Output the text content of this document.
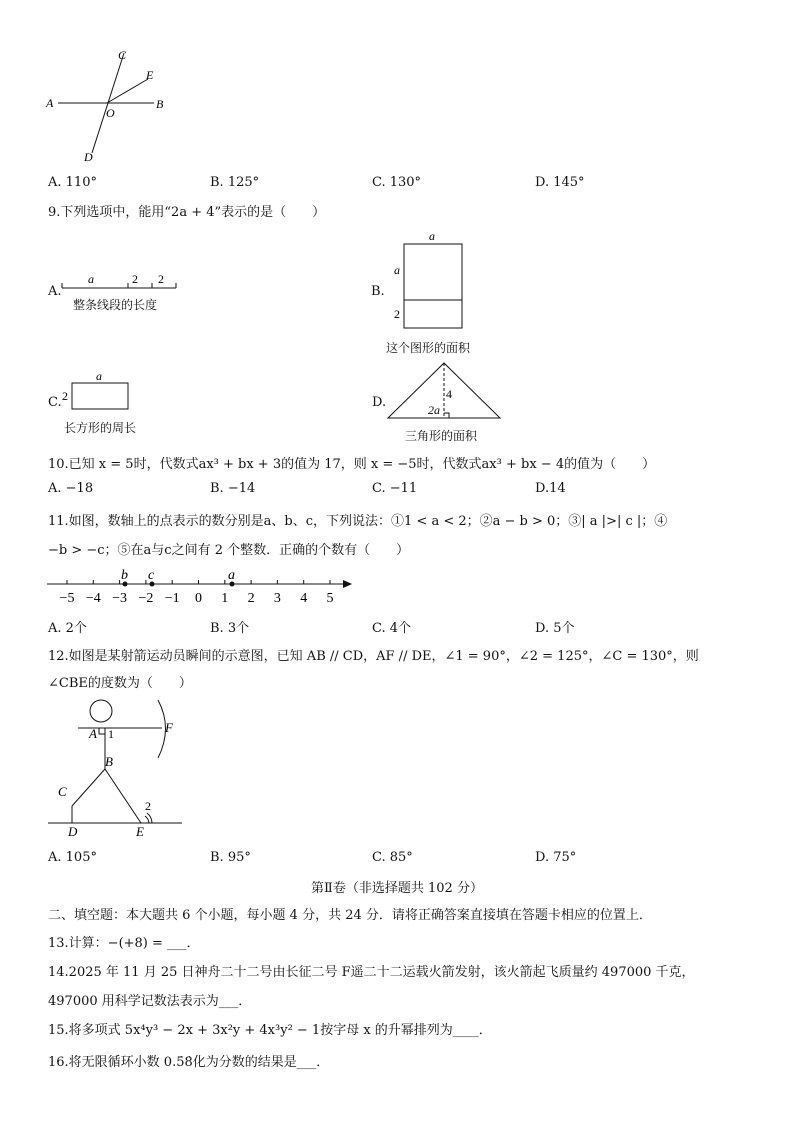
A	B
C
D
E
O
A. 110°	B. 125°	C. 130°	D. 145°
9.下列选项中，能用“2a + 4”表示的是（　　）
A.
a	2 2
整条线段的长度
B.
a
a
2
这个图形的面积
C.
a
2
长方形的周长
D.
4
2a
三角形的面积
10.已知 x = 5时，代数式ax³ + bx + 3的值为 17，则 x = −5时，代数式ax³ + bx − 4的值为（　　）
A. −18	B. −14	C. −11	D.14
11.如图，数轴上的点表示的数分别是a、b、c，下列说法：①1 < a < 2；②a − b > 0；③| a |>| c |；④
−b > −c；⑤在a与c之间有 2 个整数．正确的个数有（　　）
−5 −4 −3 −2 −1 0 1 2 3 4 5
b c	a
A. 2个	B. 3个	C. 4个	D. 5个
12.如图是某射箭运动员瞬间的示意图，已知 AB // CD，AF // DE，∠1 = 90°，∠2 = 125°，∠C = 130°，则
∠CBE的度数为（　　）
A 1
B
C
D	E
2
F
A. 105°	B. 95°	C. 85°	D. 75°
第Ⅱ卷（非选择题共 102 分）
二、填空题：本大题共 6 个小题，每小题 4 分，共 24 分．请将正确答案直接填在答题卡相应的位置上．
13.计算：−(+8) = ___．
14.2025 年 11 月 25 日神舟二十二号由长征二号 F遥二十二运载火箭发射，该火箭起飞质量约 497000 千克，
497000 用科学记数法表示为___．
15.将多项式 5x⁴y³ − 2x + 3x²y + 4x³y² − 1按字母 x 的升幂排列为____．
16.将无限循环小数 0.5̇8̇化为分数的结果是___．
